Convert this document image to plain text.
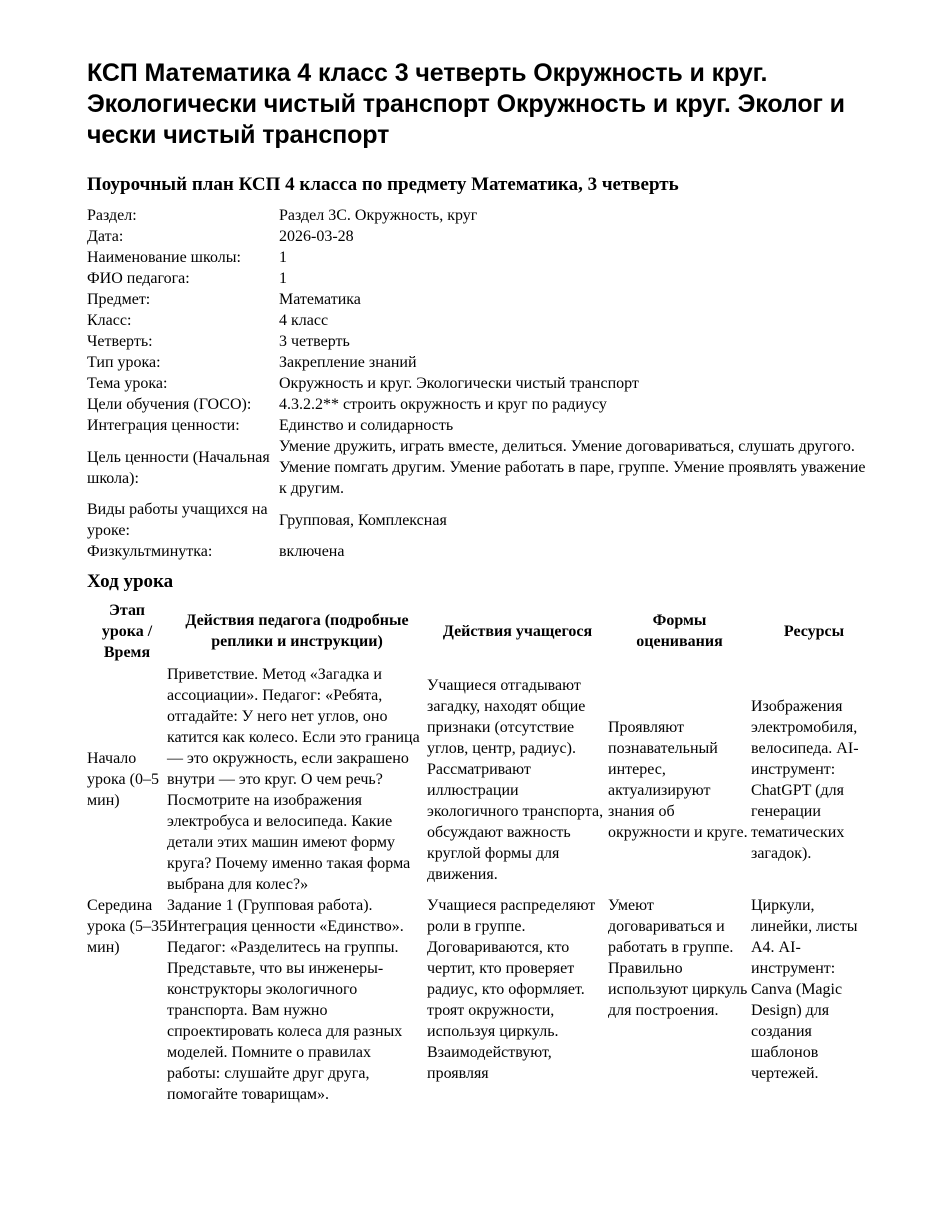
КСП Математика 4 класс 3 четверть Окружность и круг. Экологически чистый транспорт Окружность и круг. Эколог и чески чистый транспорт
Поурочный план КСП 4 класса по предмету Математика, 3 четверть
Раздел:	Раздел 3С. Окружность, круг
Дата:	2026-03-28
Наименование школы:	1
ФИО педагога:	1
Предмет:	Математика
Класс:	4 класс
Четверть:	3 четверть
Тип урока:	Закрепление знаний
Тема урока:	Окружность и круг. Экологически чистый транспорт
Цели обучения (ГОСО):	4.3.2.2** строить окружность и круг по радиусу
Интеграция ценности:	Единство и солидарность
Цель ценности (Начальная школа):	Умение дружить, играть вместе, делиться. Умение договариваться, слушать другого. Умение помгать другим. Умение работать в паре, группе. Умение проявлять уважение к другим.
Виды работы учащихся на уроке:	Групповая, Комплексная
Физкультминутка:	включена
Ход урока
Этап урока / Время	Действия педагога (подробные реплики и инструкции)	Действия учащегося	Формы оценивания	Ресурсы
Начало урока (0–5 мин)	Приветствие. Метод «Загадка и ассоциации». Педагог: «Ребята, отгадайте: У него нет углов, оно катится как колесо. Если это граница — это окружность, если закрашено внутри — это круг. О чем речь? Посмотрите на изображения электробуса и велосипеда. Какие детали этих машин имеют форму круга? Почему именно такая форма выбрана для колес?»	Учащиеся отгадывают загадку, находят общие признаки (отсутствие углов, центр, радиус). Рассматривают иллюстрации экологичного транспорта, обсуждают важность круглой формы для движения.	Проявляют познавательный интерес, актуализируют знания об окружности и круге.	Изображения электромобиля, велосипеда. AI-инструмент: ChatGPT (для генерации тематических загадок).
Середина урока (5–35 мин)	Задание 1 (Групповая работа). Интеграция ценности «Единство». Педагог: «Разделитесь на группы. Представьте, что вы инженеры-конструкторы экологичного транспорта. Вам нужно спроектировать колеса для разных моделей. Помните о правилах работы: слушайте друг друга, помогайте товарищам».	Учащиеся распределяют роли в группе. Договариваются, кто чертит, кто проверяет радиус, кто оформляет. троят окружности, используя циркуль. Взаимодействуют, проявляя	Умеют договариваться и работать в группе. Правильно используют циркуль для построения.	Циркули, линейки, листы А4. AI-инструмент: Canva (Magic Design) для создания шаблонов чертежей.
